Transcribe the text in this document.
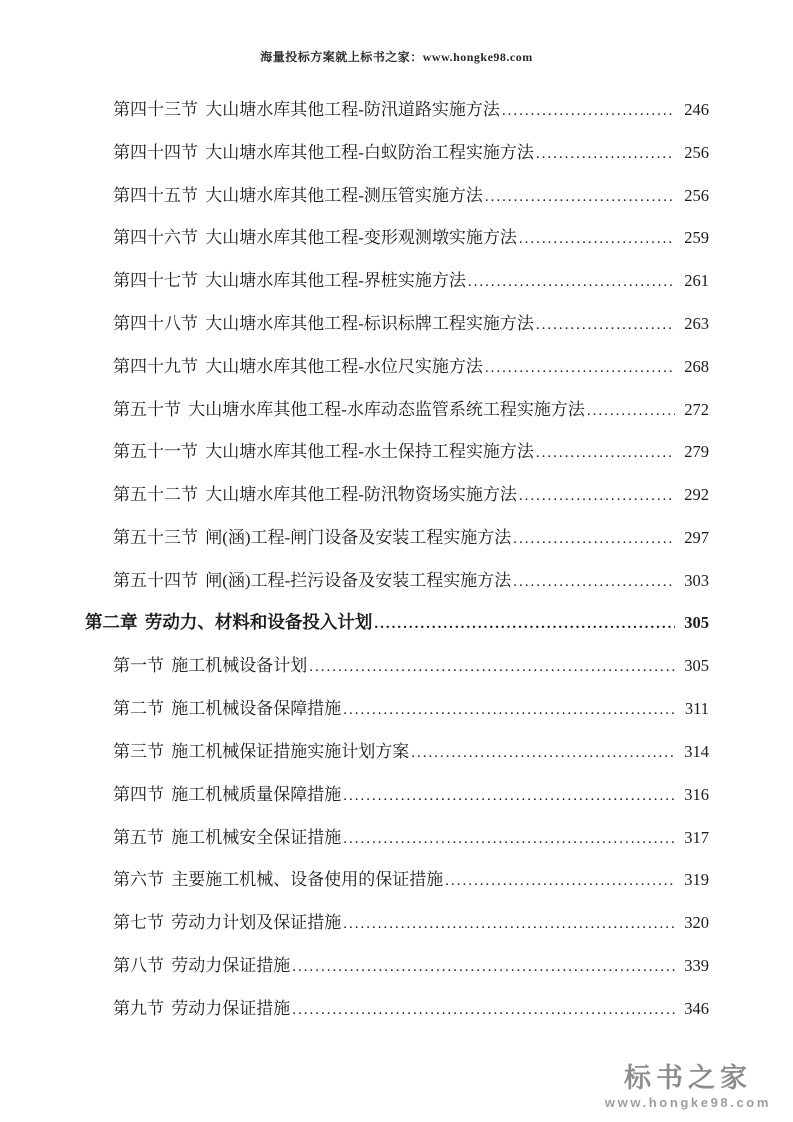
海量投标方案就上标书之家：www.hongke98.com
第四十三节 大山塘水库其他工程-防汛道路实施方法 .....	246
第四十四节 大山塘水库其他工程-白蚁防治工程实施方法 .....	256
第四十五节 大山塘水库其他工程-测压管实施方法 .....	256
第四十六节 大山塘水库其他工程-变形观测墩实施方法 .....	259
第四十七节 大山塘水库其他工程-界桩实施方法 .....	261
第四十八节 大山塘水库其他工程-标识标牌工程实施方法 .....	263
第四十九节 大山塘水库其他工程-水位尺实施方法 .....	268
第五十节 大山塘水库其他工程-水库动态监管系统工程实施方法 .....	272
第五十一节 大山塘水库其他工程-水土保持工程实施方法 .....	279
第五十二节 大山塘水库其他工程-防汛物资场实施方法 .....	292
第五十三节 闸(涵)工程-闸门设备及安装工程实施方法 .....	297
第五十四节 闸(涵)工程-拦污设备及安装工程实施方法 .....	303
第二章 劳动力、材料和设备投入计划 .....	305
第一节 施工机械设备计划 .....	305
第二节 施工机械设备保障措施 .....	311
第三节 施工机械保证措施实施计划方案 .....	314
第四节 施工机械质量保障措施 .....	316
第五节 施工机械安全保证措施 .....	317
第六节 主要施工机械、设备使用的保证措施 .....	319
第七节 劳动力计划及保证措施 .....	320
第八节 劳动力保证措施 .....	339
第九节 劳动力保证措施 .....	346
标书之家
www.hongke98.com
